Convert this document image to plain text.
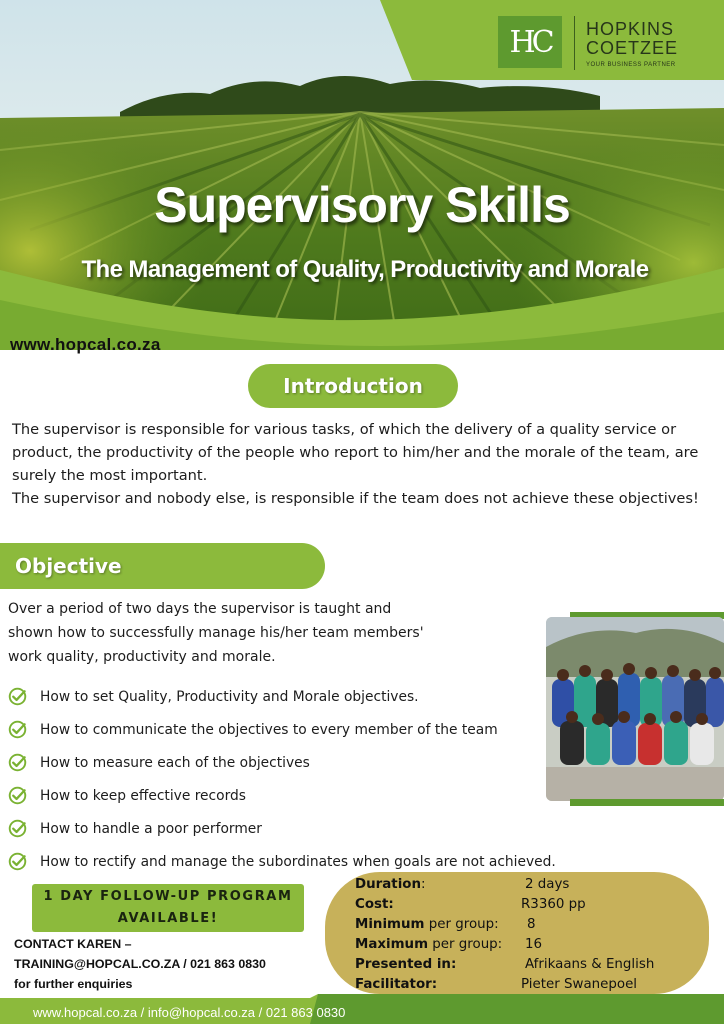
HC	HOPKINS
COETZEE
YOUR BUSINESS PARTNER
Supervisory Skills
The Management of Quality, Productivity and Morale
www.hopcal.co.za
Introduction

The supervisor is responsible for various tasks, of which the delivery of a quality service or product, the productivity of the people who report to him/her and the morale of the team, are surely the most important.

The supervisor and nobody else, is responsible if the team does not achieve these objectives!

Objective
Over a period of two days the supervisor is taught and
shown how to successfully manage his/her team members'
work quality, productivity and morale.
How to set Quality, Productivity and Morale objectives.
How to communicate the objectives to every member of the team
How to measure each of the objectives
How to keep effective records
How to handle a poor performer
How to rectify and manage the subordinates when goals are not achieved.
1 DAY FOLLOW-UP PROGRAM
AVAILABLE!
CONTACT KAREN –
TRAINING@HOPCAL.CO.ZA / 021 863 0830
for further enquiries
Duration:	2 days
Cost:	R3360 pp
Minimum per group: 8
Maximum per group: 16
Presented in:	Afrikaans & English
Facilitator:	Pieter Swanepoel
www.hopcal.co.za / info@hopcal.co.za / 021 863 0830
